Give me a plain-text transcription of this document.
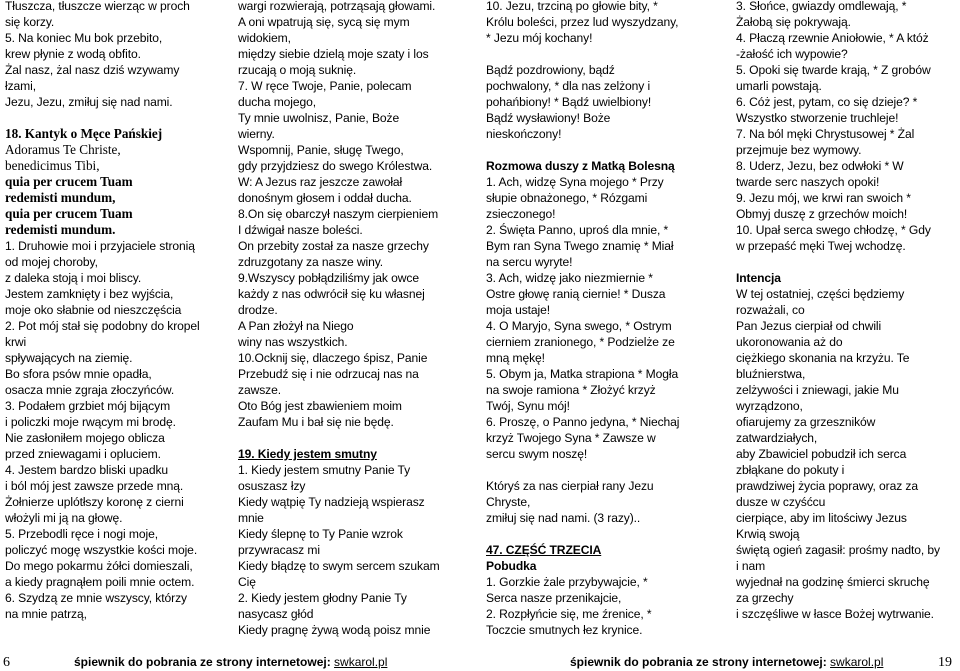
Tłuszcza, tłuszcze wierząc w proch
się korzy.
5. Na koniec Mu bok przebito,
krew płynie z wodą obfito.
Żal nasz, żal nasz dziś wzywamy
łzami,
Jezu, Jezu, zmiłuj się nad nami.

18. Kantyk o Męce Pańskiej
Adoramus Te Christe,
benedicimus Tibi,
quia per crucem Tuam
redemisti mundum,
quia per crucem Tuam
redemisti mundum.
1. Druhowie moi i przyjaciele stronią
od mojej choroby,
z daleka stoją i moi bliscy.
Jestem zamknięty i bez wyjścia,
moje oko słabnie od nieszczęścia
2. Pot mój stał się podobny do kropel
krwi
spływających na ziemię.
Bo sfora psów mnie opadła,
osacza mnie zgraja złoczyńców.
3. Podałem grzbiet mój bijącym
i policzki moje rwącym mi brodę.
Nie zasłoniłem mojego oblicza
przed zniewagami i opluciem.
4. Jestem bardzo bliski upadku
i ból mój jest zawsze przede mną.
Żołnierze uplótłszy koronę z cierni
włożyli mi ją na głowę.
5. Przebodli ręce i nogi moje,
policzyć mogę wszystkie kości moje.
Do mego pokarmu żółci domieszali,
a kiedy pragnąłem poili mnie octem.
6. Szydzą ze mnie wszyscy, którzy
na mnie patrzą,
wargi rozwierają, potrząsają głowami.
A oni wpatrują się, sycą się mym
widokiem,
między siebie dzielą moje szaty i los
rzucają o moją suknię.
7. W ręce Twoje, Panie, polecam
ducha mojego,
Ty mnie uwolnisz, Panie, Boże
wierny.
Wspomnij, Panie, sługę Twego,
gdy przyjdziesz do swego Królestwa.
W: A Jezus raz jeszcze zawołał
donośnym głosem i oddał ducha.
8.On się obarczył naszym cierpieniem
I dźwigał nasze boleści.
On przebity został za nasze grzechy
zdruzgotany za nasze winy.
9.Wszyscy pobłądziliśmy jak owce
każdy z nas odwrócił się ku własnej
drodze.
A Pan złożył na Niego
winy nas wszystkich.
10.Ocknij się, dlaczego śpisz, Panie
Przebudź się i nie odrzucaj nas na
zawsze.
Oto Bóg jest zbawieniem moim
Zaufam Mu i bał się nie będę.

19. Kiedy jestem smutny
1. Kiedy jestem smutny Panie Ty
osuszasz łzy
Kiedy wątpię Ty nadzieją wspierasz
mnie
Kiedy ślepnę to Ty Panie wzrok
przywracasz mi
Kiedy błądzę to swym sercem szukam
Cię
2. Kiedy jestem głodny Panie Ty
nasycasz głód
Kiedy pragnę żywą wodą poisz mnie
10. Jezu, trzciną po głowie bity, *
Królu boleści, przez lud wyszydzany,
* Jezu mój kochany!

Bądź pozdrowiony, bądź
pochwalony, * dla nas zelżony i
pohańbiony! * Bądź uwielbiony!
Bądź wysławiony! Boże
nieskończony!

Rozmowa duszy z Matką Bolesną
1. Ach, widzę Syna mojego * Przy
słupie obnażonego, * Rózgami
zsieczonego!
2. Święta Panno, uproś dla mnie, *
Bym ran Syna Twego znamię * Miał
na sercu wyryte!
3. Ach, widzę jako niezmiernie *
Ostre głowę ranią ciernie! * Dusza
moja ustaje!
4. O Maryjo, Syna swego, * Ostrym
cierniem zranionego, * Podzielże ze
mną mękę!
5. Obym ja, Matka strapiona * Mogła
na swoje ramiona * Złożyć krzyż
Twój, Synu mój!
6. Proszę, o Panno jedyna, * Niechaj
krzyż Twojego Syna * Zawsze w
sercu swym noszę!

Któryś za nas cierpiał rany Jezu
Chryste,
zmiłuj się nad nami. (3 razy)..

47. CZĘŚĆ TRZECIA
Pobudka
1. Gorzkie żale przybywajcie, *
Serca nasze przenikajcie,
2. Rozpłyńcie się, me źrenice, *
Toczcie smutnych łez krynice.
3. Słońce, gwiazdy omdlewają, *
Żałobą się pokrywają.
4. Płaczą rzewnie Aniołowie, * A któż
-żałość ich wypowie?
5. Opoki się twarde krają, * Z grobów
umarli powstają.
6. Cóż jest, pytam, co się dzieje? *
Wszystko stworzenie truchleje!
7. Na ból męki Chrystusowej * Żal
przejmuje bez wymowy.
8. Uderz, Jezu, bez odwłoki * W
twarde serc naszych opoki!
9. Jezu mój, we krwi ran swoich *
Obmyj duszę z grzechów moich!
10. Upał serca swego chłodzę, * Gdy
w przepaść męki Twej wchodzę.

Intencja
W tej ostatniej, części będziemy
rozważali, co
Pan Jezus cierpiał od chwili
ukoronowania aż do
ciężkiego skonania na krzyżu. Te
bluźnierstwa,
zelżywości i zniewagi, jakie Mu
wyrządzono,
ofiarujemy za grzeszników
zatwardziałych,
aby Zbawiciel pobudził ich serca
zbłąkane do pokuty i
prawdziwej życia poprawy, oraz za
dusze w czyśćcu
cierpiące, aby im litościwy Jezus
Krwią swoją
świętą ogień zagasił: prośmy nadto, by
i nam
wyjednał na godzinę śmierci skruchę
za grzechy
i szczęśliwe w łasce Bożej wytrwanie.
6	śpiewnik do pobrania ze strony internetowej: swkarol.pl	śpiewnik do pobrania ze strony internetowej: swkarol.pl	19
